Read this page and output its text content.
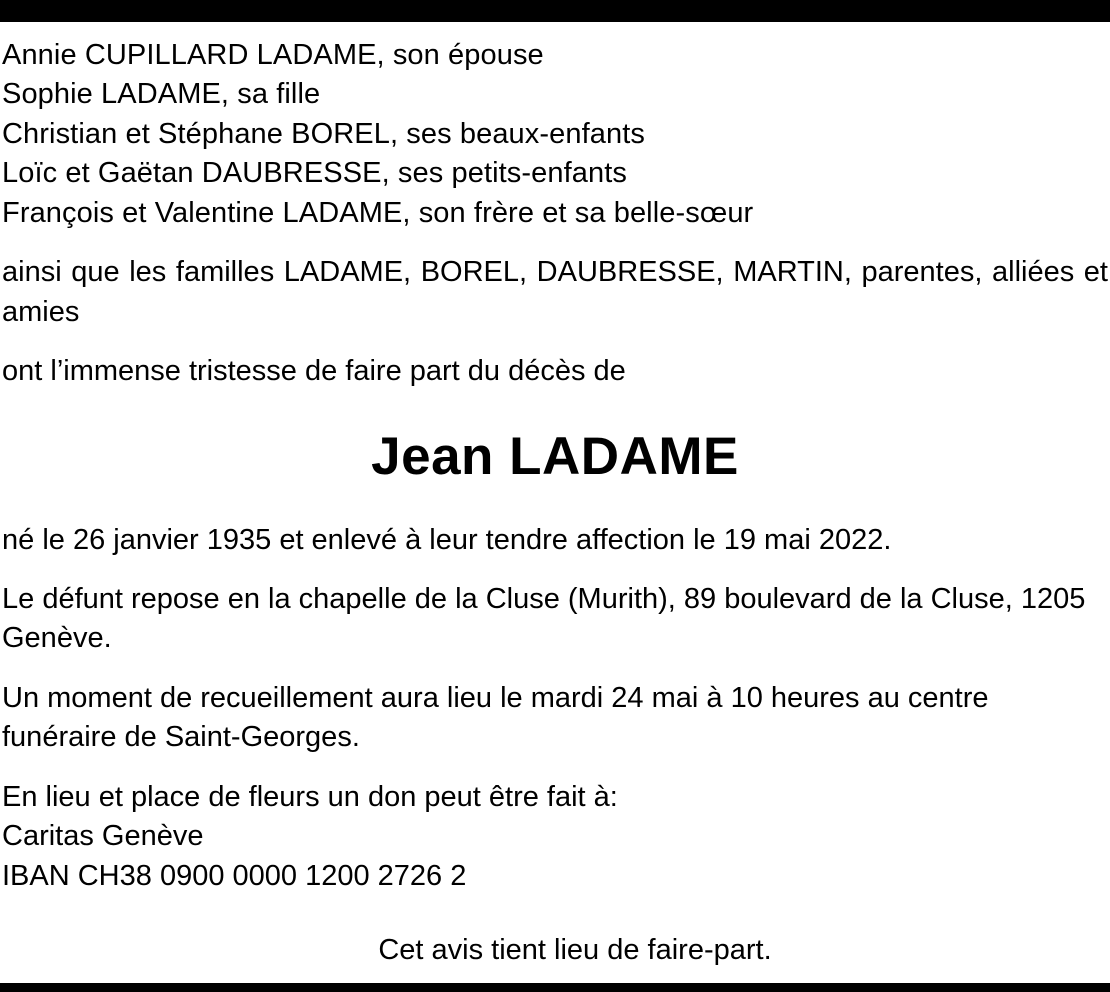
Annie CUPILLARD LADAME, son épouse
Sophie LADAME, sa fille
Christian et Stéphane BOREL, ses beaux-enfants
Loïc et Gaëtan DAUBRESSE, ses petits-enfants
François et Valentine LADAME, son frère et sa belle-sœur
ainsi que les familles LADAME, BOREL, DAUBRESSE, MARTIN, parentes, alliées et amies
ont l’immense tristesse de faire part du décès de
Jean LADAME
né le 26 janvier 1935 et enlevé à leur tendre affection le 19 mai 2022.
Le défunt repose en la chapelle de la Cluse (Murith), 89 boulevard de la Cluse, 1205 Genève.
Un moment de recueillement aura lieu le mardi 24 mai à 10 heures au centre funéraire de Saint-Georges.
En lieu et place de fleurs un don peut être fait à:
Caritas Genève
IBAN CH38 0900 0000 1200 2726 2
Cet avis tient lieu de faire-part.
